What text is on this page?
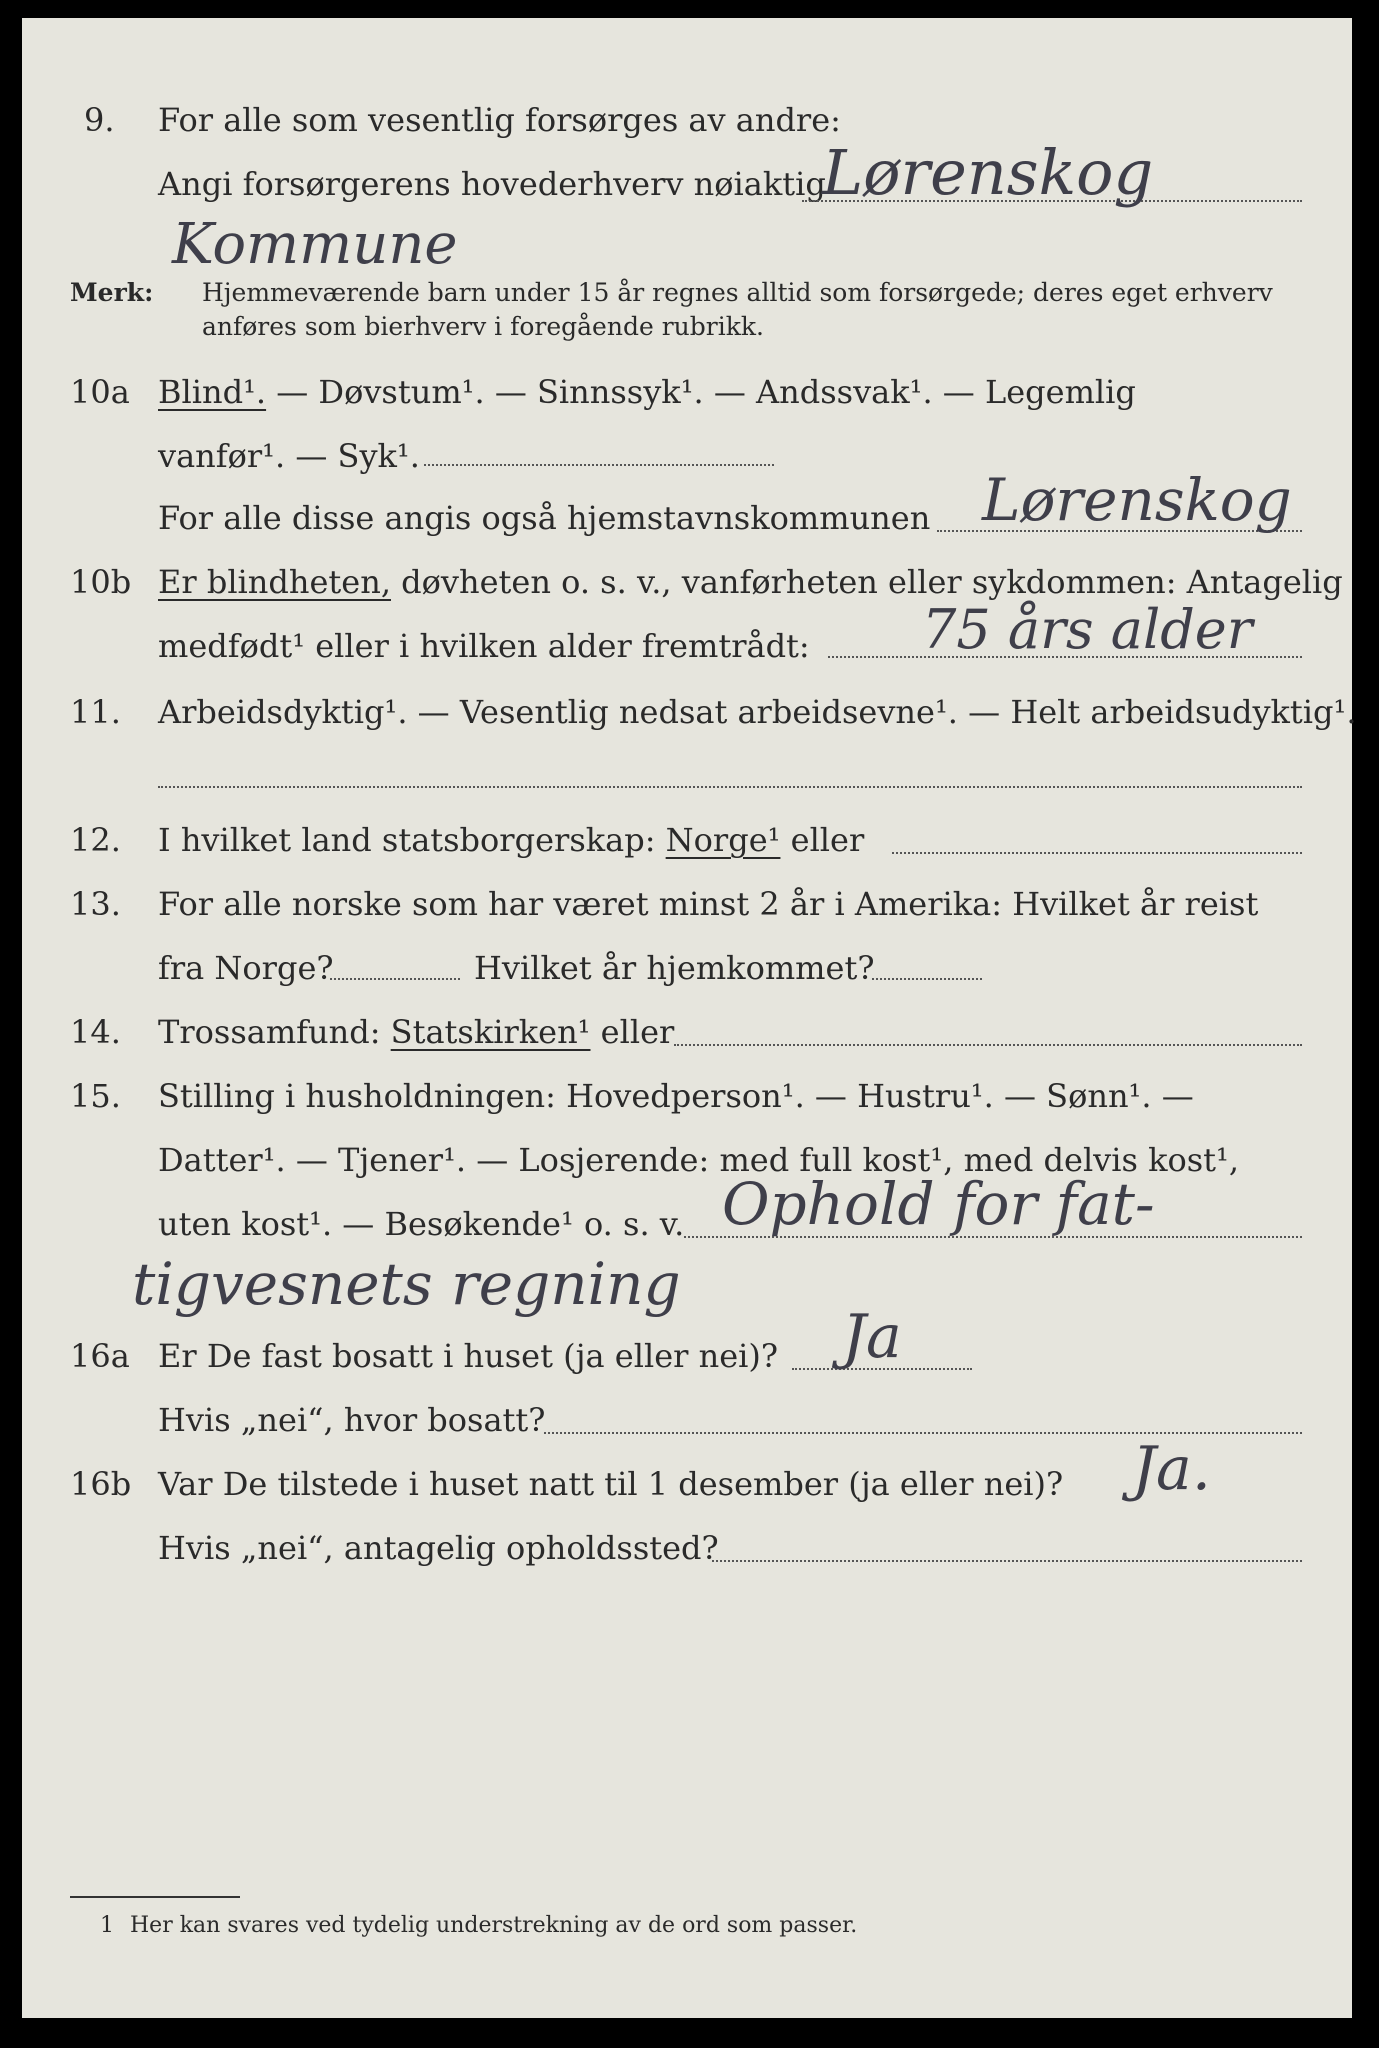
9. For alle som vesentlig forsørges av andre:
Angi forsørgerens hovederhverv nøiaktig
Lørenskog
Kommune
Merk: Hjemmeværende barn under 15 år regnes alltid som forsørgede; deres eget erhverv
anføres som bierhverv i foregående rubrikk.
10a Blind¹. — Døvstum¹. — Sinnssyk¹. — Andssvak¹. — Legemlig
vanfør¹. — Syk¹.
For alle disse angis også hjemstavnskommunen Lørenskog
10b Er blindheten, døvheten o. s. v., vanførheten eller sykdommen: Antagelig
medfødt¹ eller i hvilken alder fremtrådt: 75 års alder
11. Arbeidsdyktig¹. — Vesentlig nedsat arbeidsevne¹. — Helt arbeidsudyktig¹.
12. I hvilket land statsborgerskap: Norge¹ eller
13. For alle norske som har været minst 2 år i Amerika: Hvilket år reist
fra Norge?	Hvilket år hjemkommet?
14. Trossamfund: Statskirken¹ eller
15. Stilling i husholdningen: Hovedperson¹. — Hustru¹. — Sønn¹. —
Datter¹. — Tjener¹. — Losjerende: med full kost¹, med delvis kost¹,
uten kost¹. — Besøkende¹ o. s. v. Ophold for fat-
tigvesnets regning
16a Er De fast bosatt i huset (ja eller nei)? Ja
Hvis „nei“, hvor bosatt?
16b Var De tilstede i huset natt til 1 desember (ja eller nei)? Ja.
Hvis „nei“, antagelig opholdssted?
1 Her kan svares ved tydelig understrekning av de ord som passer.
